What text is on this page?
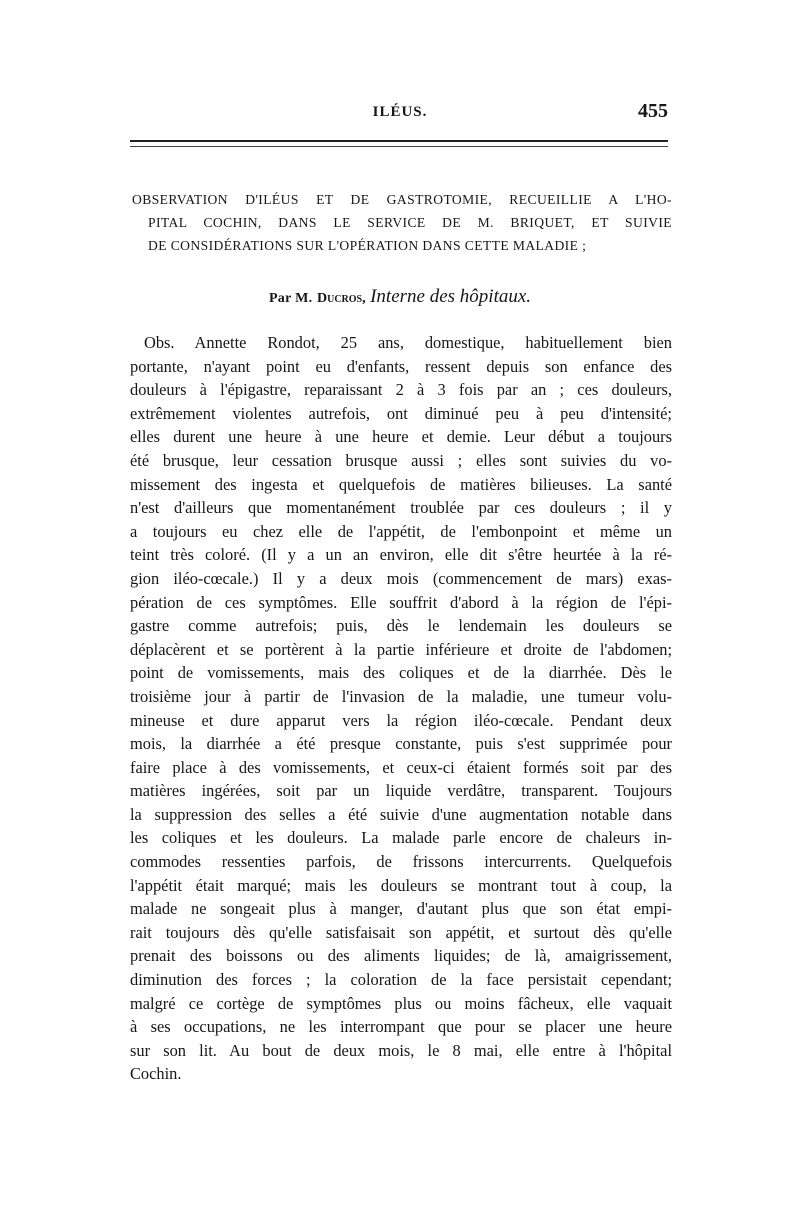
ILÉUS.	455
OBSERVATION D'ILÉUS ET DE GASTROTOMIE, RECUEILLIE A L'HO-
PITAL COCHIN, DANS LE SERVICE DE M. BRIQUET, ET SUIVIE
DE CONSIDÉRATIONS SUR L'OPÉRATION DANS CETTE MALADIE ;
Par M. Ducros, Interne des hôpitaux.
Obs. Annette Rondot, 25 ans, domestique, habituellement bien
portante, n'ayant point eu d'enfants, ressent depuis son enfance des
douleurs à l'épigastre, reparaissant 2 à 3 fois par an ; ces douleurs,
extrêmement violentes autrefois, ont diminué peu à peu d'intensité;
elles durent une heure à une heure et demie. Leur début a toujours
été brusque, leur cessation brusque aussi ; elles sont suivies du vo-
missement des ingesta et quelquefois de matières bilieuses. La santé
n'est d'ailleurs que momentanément troublée par ces douleurs ; il y
a toujours eu chez elle de l'appétit, de l'embonpoint et même un
teint très coloré. (Il y a un an environ, elle dit s'être heurtée à la ré-
gion iléo-cœcale.) Il y a deux mois (commencement de mars) exas-
pération de ces symptômes. Elle souffrit d'abord à la région de l'épi-
gastre comme autrefois; puis, dès le lendemain les douleurs se
déplacèrent et se portèrent à la partie inférieure et droite de l'abdomen;
point de vomissements, mais des coliques et de la diarrhée. Dès le
troisième jour à partir de l'invasion de la maladie, une tumeur volu-
mineuse et dure apparut vers la région iléo-cœcale. Pendant deux
mois, la diarrhée a été presque constante, puis s'est supprimée pour
faire place à des vomissements, et ceux-ci étaient formés soit par des
matières ingérées, soit par un liquide verdâtre, transparent. Toujours
la suppression des selles a été suivie d'une augmentation notable dans
les coliques et les douleurs. La malade parle encore de chaleurs in-
commodes ressenties parfois, de frissons intercurrents. Quelquefois
l'appétit était marqué; mais les douleurs se montrant tout à coup, la
malade ne songeait plus à manger, d'autant plus que son état empi-
rait toujours dès qu'elle satisfaisait son appétit, et surtout dès qu'elle
prenait des boissons ou des aliments liquides; de là, amaigrissement,
diminution des forces ; la coloration de la face persistait cependant;
malgré ce cortège de symptômes plus ou moins fâcheux, elle vaquait
à ses occupations, ne les interrompant que pour se placer une heure
sur son lit. Au bout de deux mois, le 8 mai, elle entre à l'hôpital
Cochin.
